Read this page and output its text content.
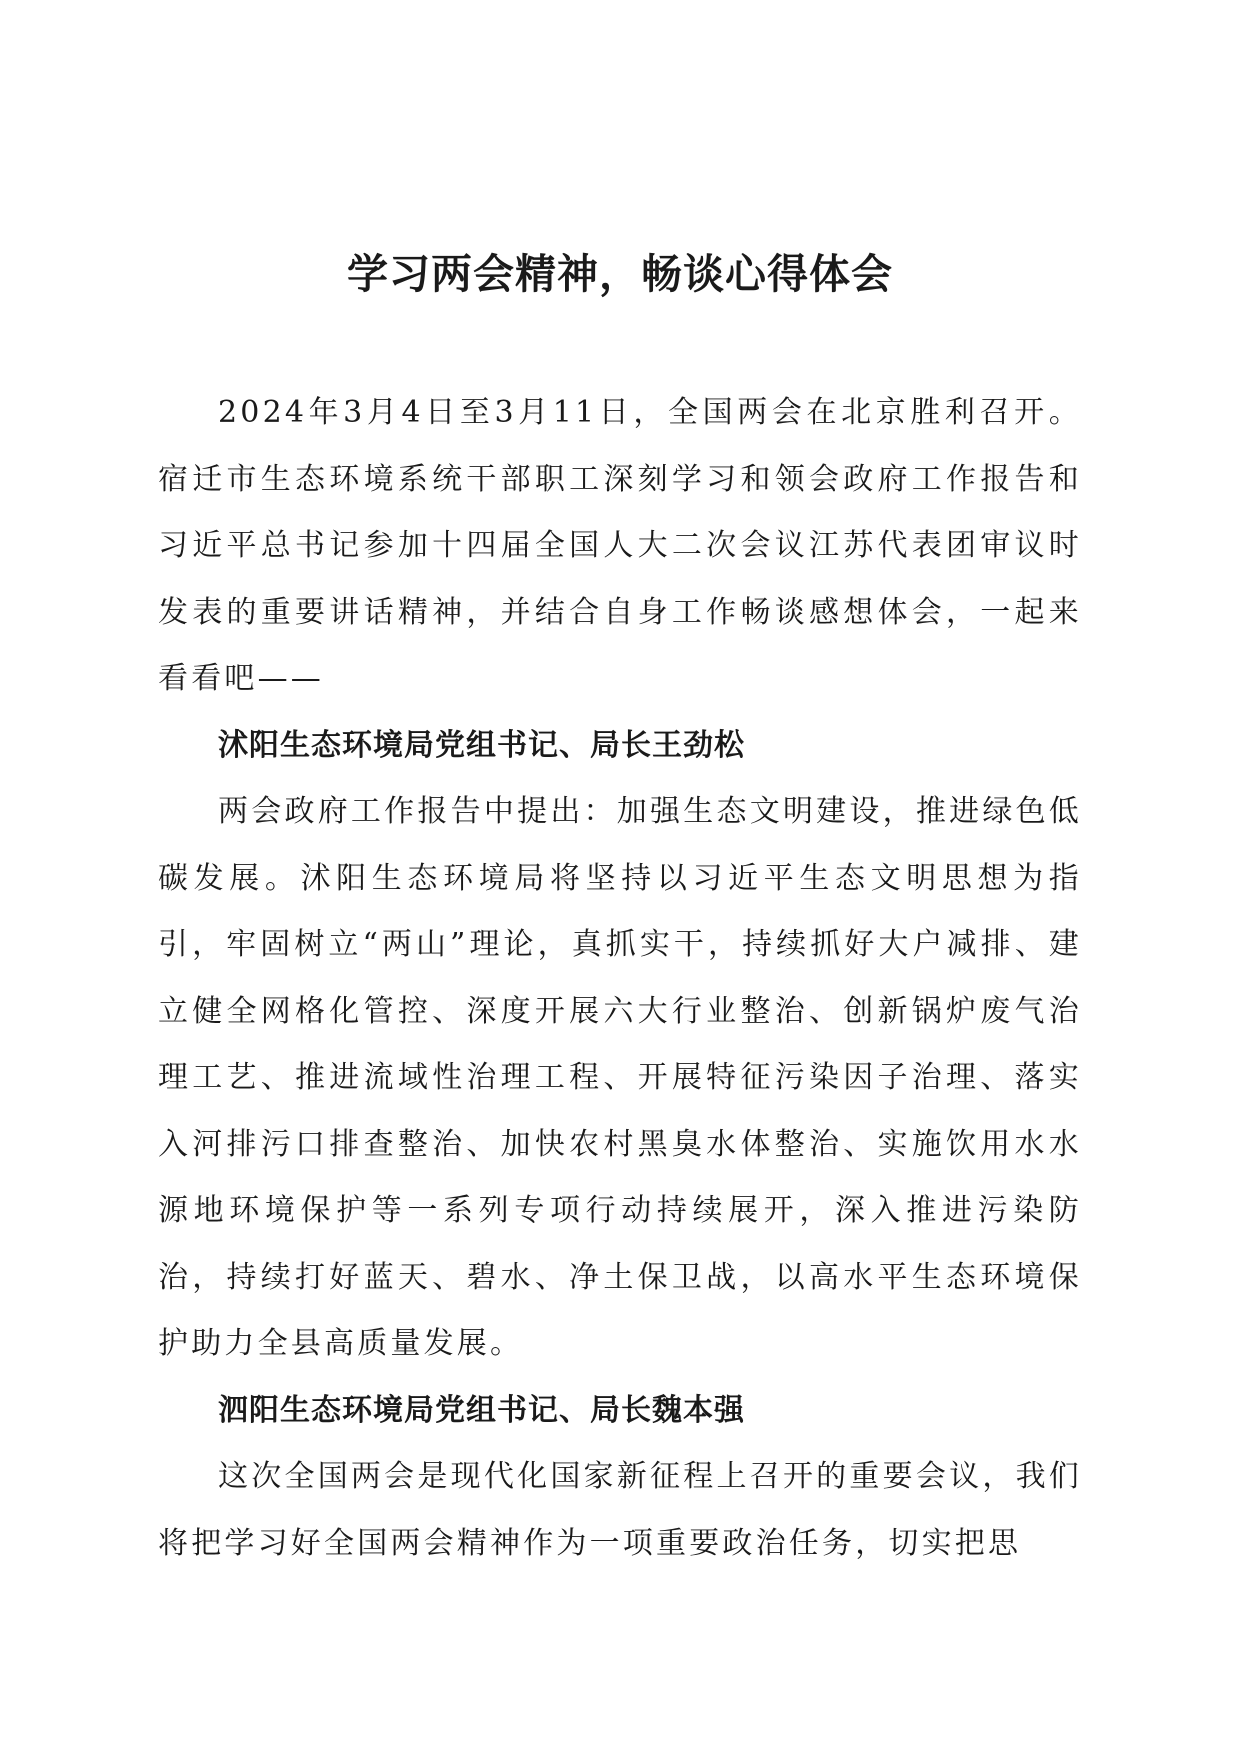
学习两会精神，畅谈心得体会

2024年3月4日至3月11日，全国两会在北京胜利召开。宿迁市生态环境系统干部职工深刻学习和领会政府工作报告和习近平总书记参加十四届全国人大二次会议江苏代表团审议时发表的重要讲话精神，并结合自身工作畅谈感想体会，一起来看看吧——

沭阳生态环境局党组书记、局长王劲松

两会政府工作报告中提出：加强生态文明建设，推进绿色低碳发展。沭阳生态环境局将坚持以习近平生态文明思想为指引，牢固树立“两山”理论，真抓实干，持续抓好大户减排、建立健全网格化管控、深度开展六大行业整治、创新锅炉废气治理工艺、推进流域性治理工程、开展特征污染因子治理、落实入河排污口排查整治、加快农村黑臭水体整治、实施饮用水水源地环境保护等一系列专项行动持续展开，深入推进污染防治，持续打好蓝天、碧水、净土保卫战，以高水平生态环境保护助力全县高质量发展。

泗阳生态环境局党组书记、局长魏本强

这次全国两会是现代化国家新征程上召开的重要会议，我们将把学习好全国两会精神作为一项重要政治任务，切实把思
